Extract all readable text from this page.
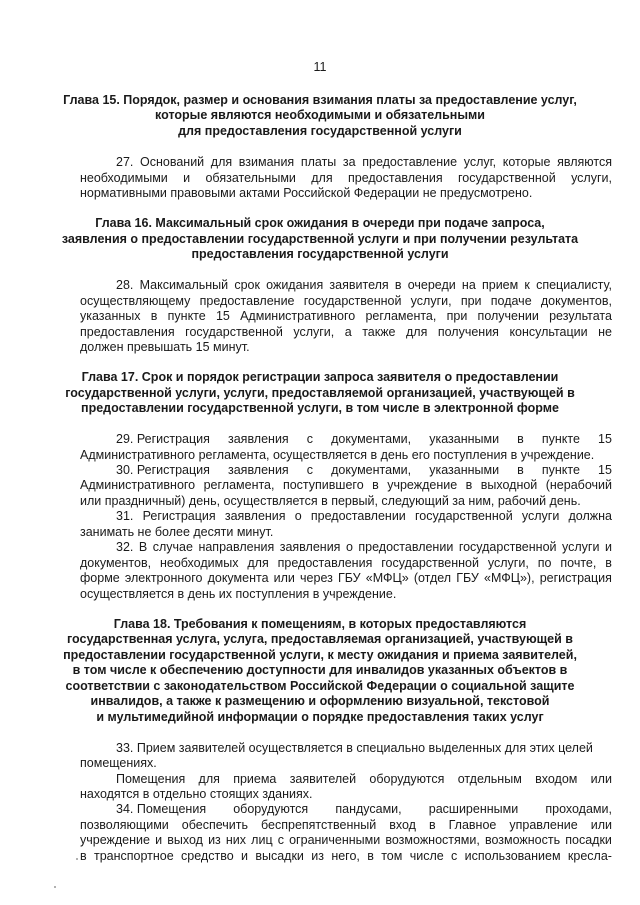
11
Глава 15. Порядок, размер и основания взимания платы за предоставление услуг,
которые являются необходимыми и обязательными
для предоставления государственной услуги
27. Оснований для взимания платы за предоставление услуг, которые являются
необходимыми и обязательными для предоставления государственной услуги,
нормативными правовыми актами Российской Федерации не предусмотрено.
Глава 16. Максимальный срок ожидания в очереди при подаче запроса,
заявления о предоставлении государственной услуги и при получении результата
предоставления государственной услуги
28. Максимальный срок ожидания заявителя в очереди на прием к специалисту,
осуществляющему предоставление государственной услуги, при подаче документов,
указанных в пункте 15 Административного регламента, при получении результата
предоставления государственной услуги, а также для получения консультации не
должен превышать 15 минут.
Глава 17. Срок и порядок регистрации запроса заявителя о предоставлении
государственной услуги, услуги, предоставляемой организацией, участвующей в
предоставлении государственной услуги, в том числе в электронной форме
29. Регистрация заявления с документами, указанными в пункте 15
Административного регламента, осуществляется в день его поступления в учреждение.
30. Регистрация заявления с документами, указанными в пункте 15
Административного регламента, поступившего в учреждение в выходной (нерабочий
или праздничный) день, осуществляется в первый, следующий за ним, рабочий день.
31. Регистрация заявления о предоставлении государственной услуги должна
занимать не более десяти минут.
32. В случае направления заявления о предоставлении государственной услуги и
документов, необходимых для предоставления государственной услуги, по почте, в
форме электронного документа или через ГБУ «МФЦ» (отдел ГБУ «МФЦ»), регистрация
осуществляется в день их поступления в учреждение.
Глава 18. Требования к помещениям, в которых предоставляются
государственная услуга, услуга, предоставляемая организацией, участвующей в
предоставлении государственной услуги, к месту ожидания и приема заявителей,
в том числе к обеспечению доступности для инвалидов указанных объектов в
соответствии с законодательством Российской Федерации о социальной защите
инвалидов, а также к размещению и оформлению визуальной, текстовой
и мультимедийной информации о порядке предоставления таких услуг
33. Прием заявителей осуществляется в специально выделенных для этих целей
помещениях.
Помещения для приема заявителей оборудуются отдельным входом или
находятся в отдельно стоящих зданиях.
34. Помещения оборудуются пандусами, расширенными проходами,
позволяющими обеспечить беспрепятственный вход в Главное управление или
учреждение и выход из них лиц с ограниченными возможностями, возможность посадки
в транспортное средство и высадки из него, в том числе с использованием кресла-
